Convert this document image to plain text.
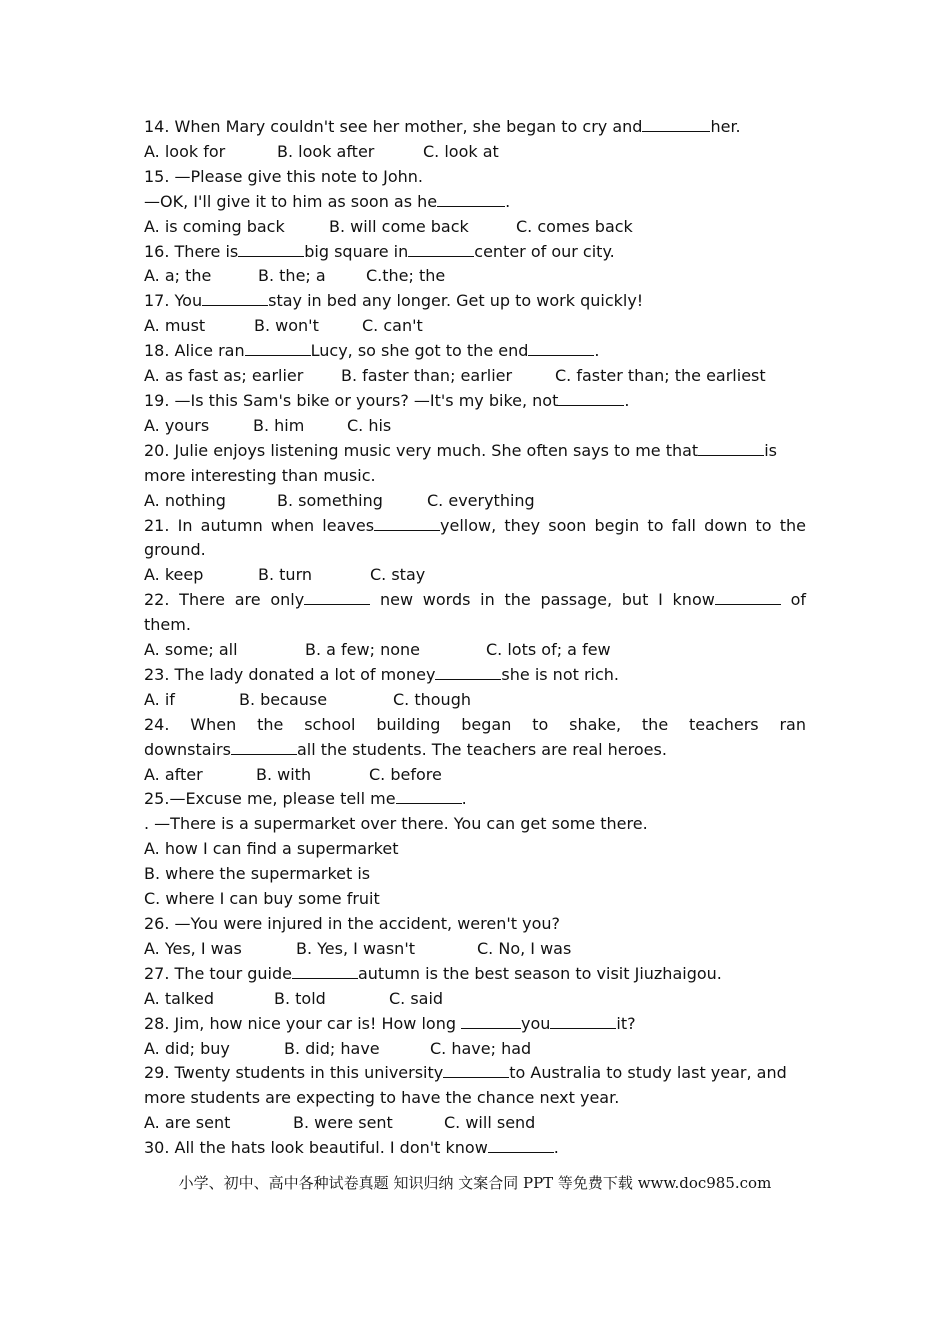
14. When Mary couldn't see her mother, she began to cry and	her.
A. look for	B. look after	C. look at
15. —Please give this note to John.
—OK, I'll give it to him as soon as he	.
A. is coming back	B. will come back	C. comes back
16. There is	big square in	center of our city.
A. a; the	B. the; a	C.the; the
17. You	stay in bed any longer. Get up to work quickly!
A. must	B. won't	C. can't
18. Alice ran	Lucy, so she got to the end	.
A. as fast as; earlier	B. faster than; earlier	C. faster than; the earliest
19. —Is this Sam's bike or yours? —It's my bike, not	.
A. yours	B. him	C. his
20. Julie enjoys listening music very much. She often says to me that	is
more interesting than music.
A. nothing	B. something	C. everything
21. In autumn when leaves	yellow, they soon begin to fall down to the
ground.
A. keep	B. turn	C. stay
22. There are only	new words in the passage, but I know	of
them.
A. some; all	B. a few; none	C. lots of; a few
23. The lady donated a lot of money	she is not rich.
A. if	B. because	C. though
24. When the school building began to shake, the teachers ran
downstairs	all the students. The teachers are real heroes.
A. after	B. with	C. before
25.—Excuse me, please tell me	.
. —There is a supermarket over there. You can get some there.
A. how I can find a supermarket
B. where the supermarket is
C. where I can buy some fruit
26. —You were injured in the accident, weren't you?
A. Yes, I was	B. Yes, I wasn't	C. No, I was
27. The tour guide	autumn is the best season to visit Jiuzhaigou.
A. talked	B. told	C. said
28. Jim, how nice your car is! How long	you	it?
A. did; buy	B. did; have	C. have; had
29. Twenty students in this university	to Australia to study last year, and
more students are expecting to have the chance next year.
A. are sent	B. were sent	C. will send
30. All the hats look beautiful. I don't know	.
小学、初中、高中各种试卷真题 知识归纳 文案合同 PPT 等免费下载 www.doc985.com
